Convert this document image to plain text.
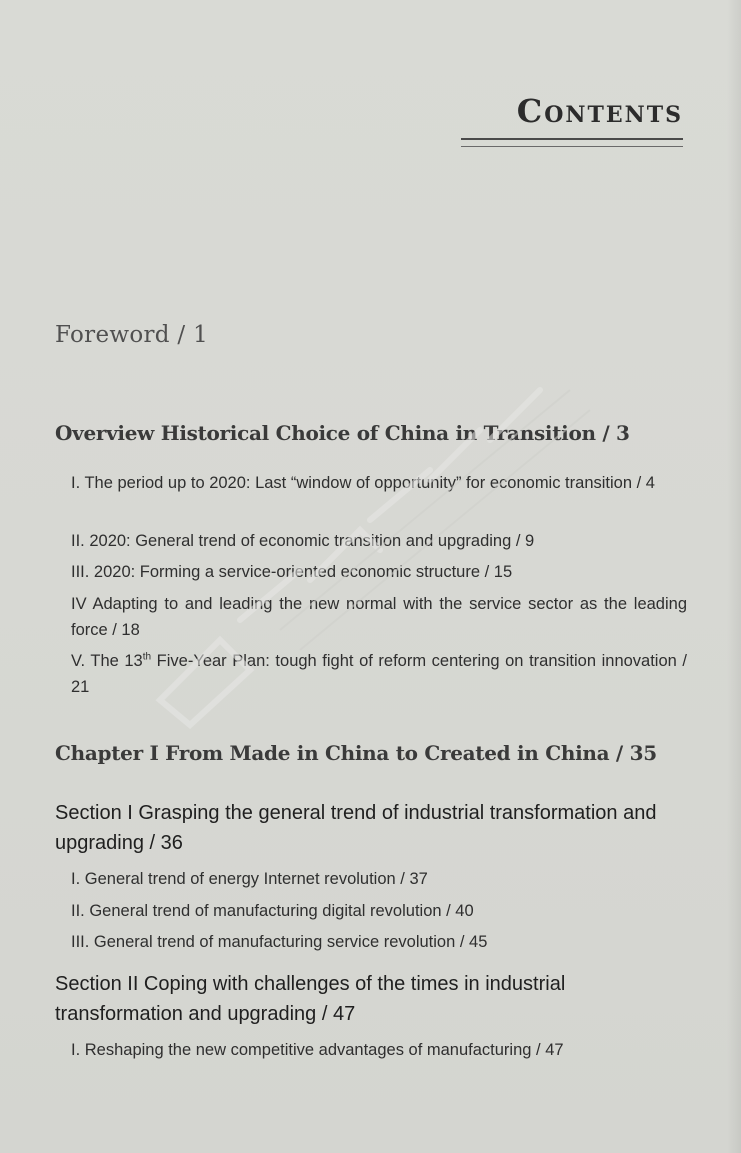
Contents
Foreword / 1
Overview Historical Choice of China in Transition / 3
I. The period up to 2020: Last “window of opportunity” for economic transition / 4
II. 2020: General trend of economic transition and upgrading / 9
III. 2020: Forming a service-oriented economic structure / 15
IV Adapting to and leading the new normal with the service sector as the leading force / 18
V. The 13th Five-Year Plan: tough fight of reform centering on transition innovation / 21
Chapter I From Made in China to Created in China / 35
Section I Grasping the general trend of industrial transformation and upgrading / 36
I. General trend of energy Internet revolution / 37
II. General trend of manufacturing digital revolution / 40
III. General trend of manufacturing service revolution / 45
Section II Coping with challenges of the times in industrial transformation and upgrading / 47
I. Reshaping the new competitive advantages of manufacturing / 47
